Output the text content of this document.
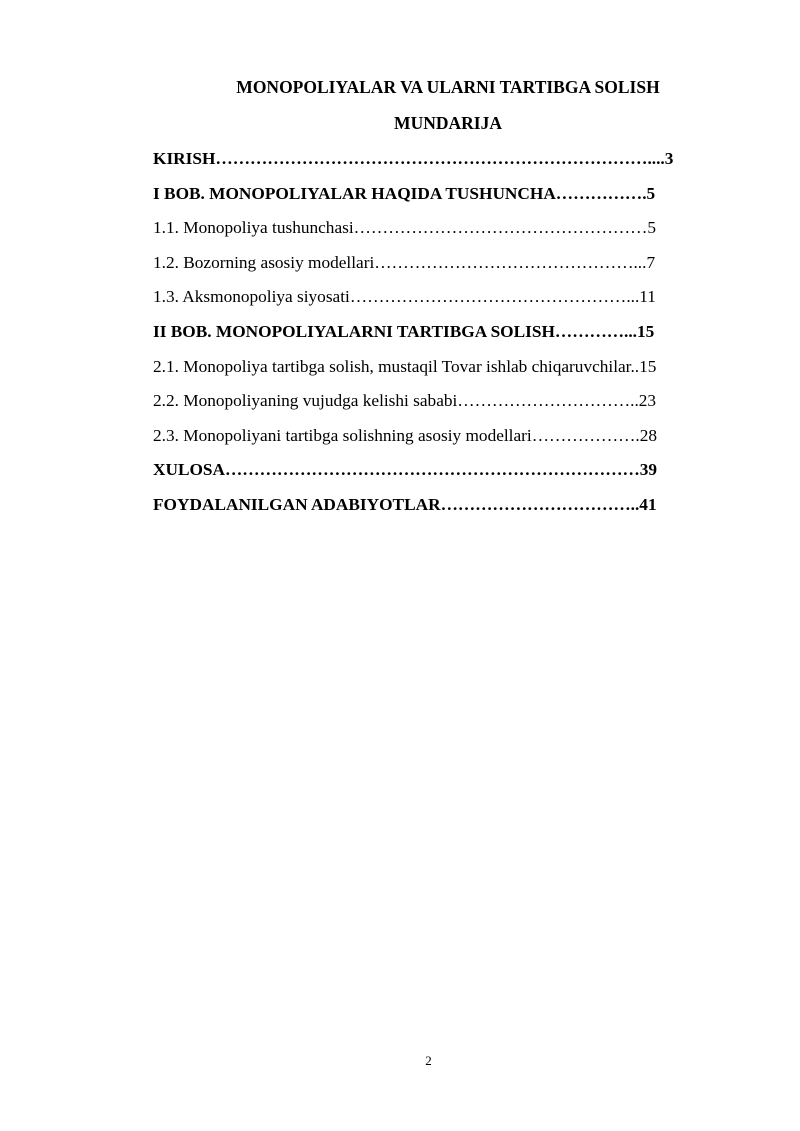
MONOPOLIYALAR VA ULARNI TARTIBGA SOLISH
MUNDARIJA
KIRISH…………………………………………………………………....3
I BOB. MONOPOLIYALAR HAQIDA TUSHUNCHA…………….5
1.1. Monopoliya tushunchasi……………………………………………5
1.2. Bozorning asosiy modellari………………………………………...7
1.3. Aksmonopoliya siyosati…………………………………………...11
II BOB. MONOPOLIYALARNI TARTIBGA SOLISH…………...15
2.1. Monopoliya tartibga solish, mustaqil Tovar ishlab chiqaruvchilar..15
2.2. Monopoliyaning vujudga kelishi sababi…………………………..23
2.3. Monopoliyani tartibga solishning asosiy modellari……………….28
XULOSA………………………………………………………………39
FOYDALANILGAN ADABIYOTLAR……………………………..41
2
